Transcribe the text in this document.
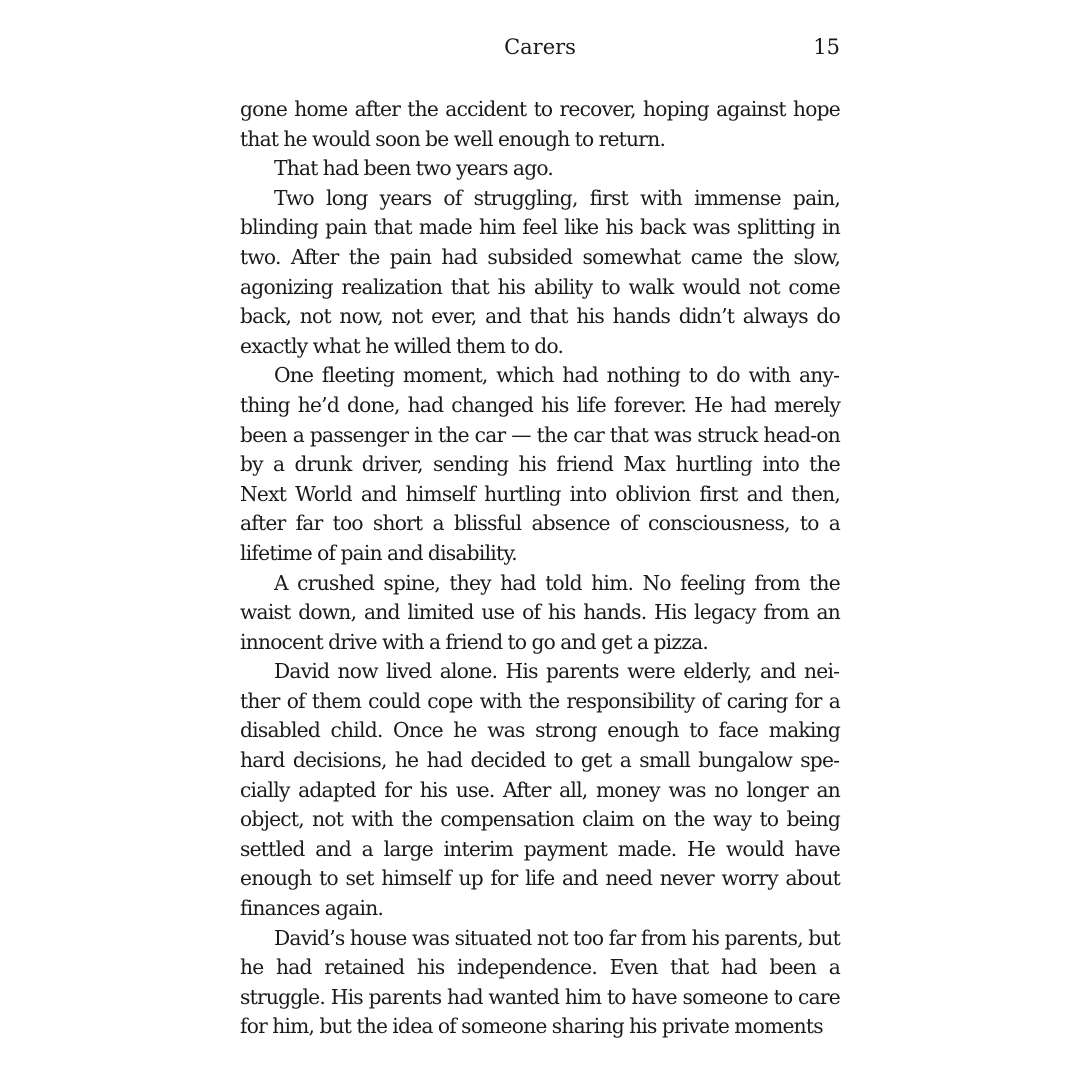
Carers	15

gone home after the accident to recover, hoping against hope that he would soon be well enough to return.

That had been two years ago.

Two long years of struggling, first with immense pain, blinding pain that made him feel like his back was splitting in two. After the pain had subsided somewhat came the slow, agonizing realization that his ability to walk would not come back, not now, not ever, and that his hands didn’t always do exactly what he willed them to do.

One fleeting moment, which had nothing to do with anything he’d done, had changed his life forever. He had merely been a passenger in the car — the car that was struck head-on by a drunk driver, sending his friend Max hurtling into the Next World and himself hurtling into oblivion first and then, after far too short a blissful absence of consciousness, to a lifetime of pain and disability.

A crushed spine, they had told him. No feeling from the waist down, and limited use of his hands. His legacy from an innocent drive with a friend to go and get a pizza.

David now lived alone. His parents were elderly, and neither of them could cope with the responsibility of caring for a disabled child. Once he was strong enough to face making hard decisions, he had decided to get a small bungalow specially adapted for his use. After all, money was no longer an object, not with the compensation claim on the way to being settled and a large interim payment made. He would have enough to set himself up for life and need never worry about finances again.

David’s house was situated not too far from his parents, but he had retained his independence. Even that had been a struggle. His parents had wanted him to have someone to care for him, but the idea of someone sharing his private moments
